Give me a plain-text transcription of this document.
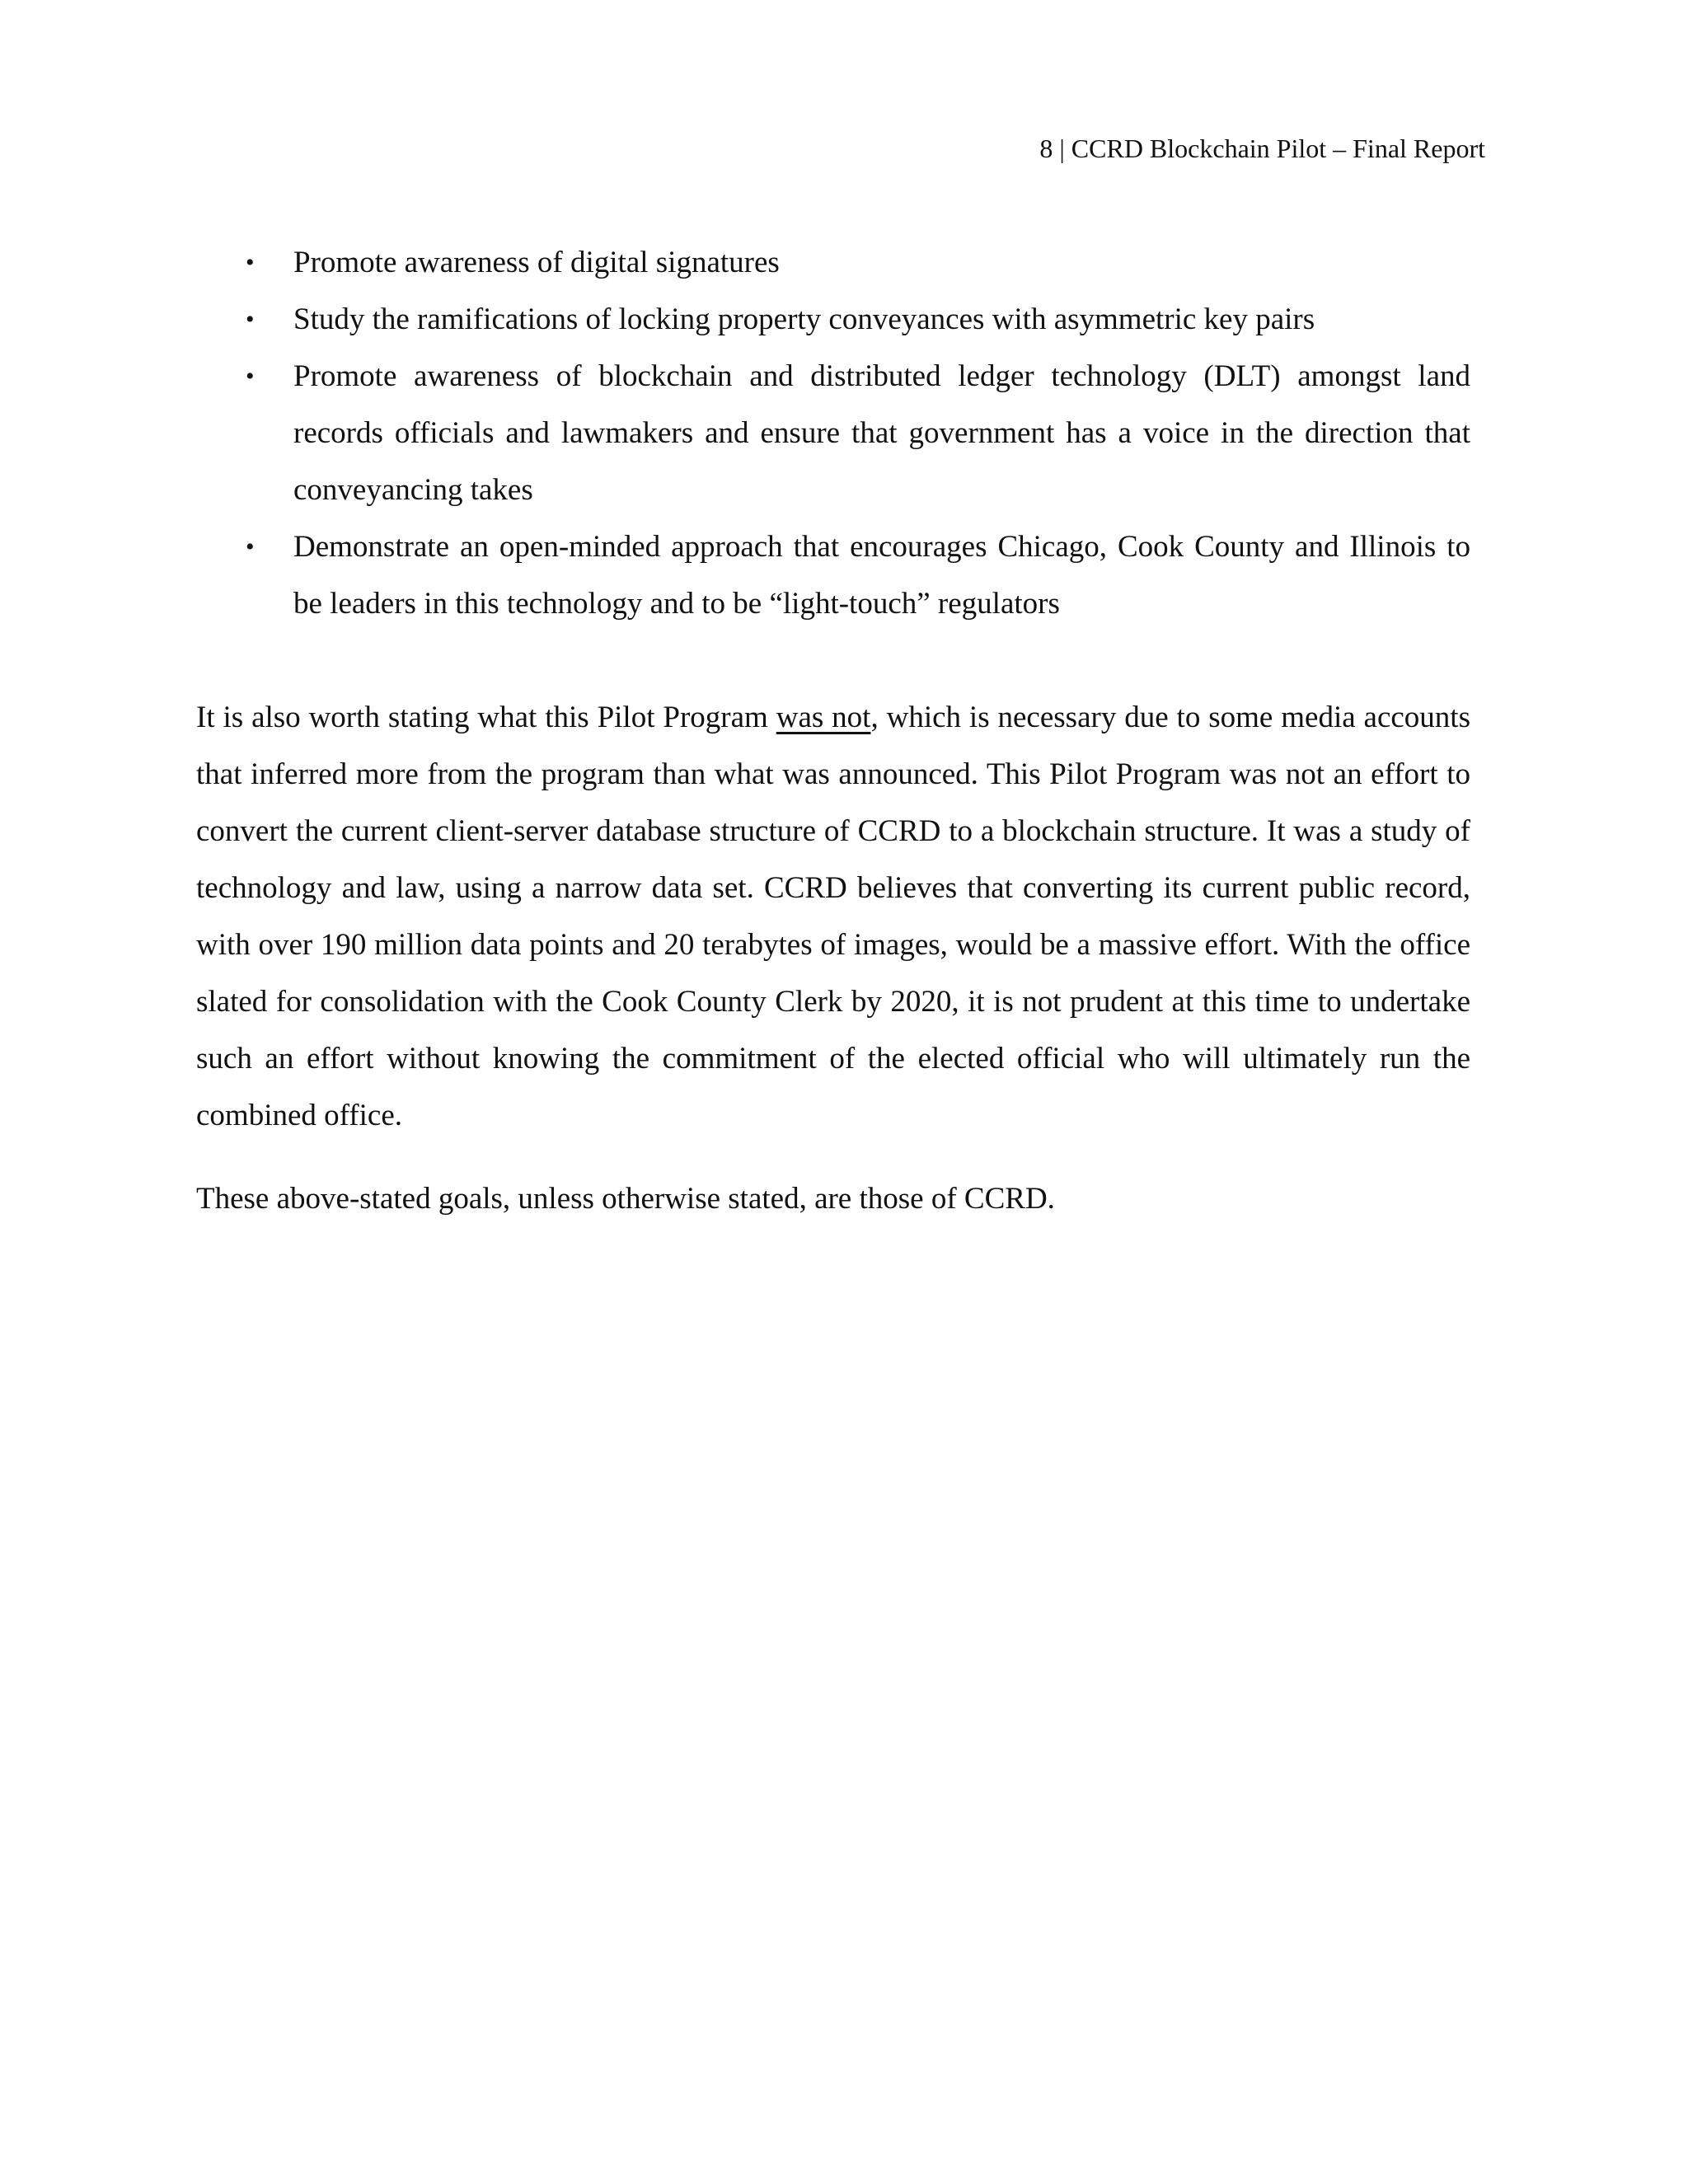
8 | CCRD Blockchain Pilot – Final Report
• Promote awareness of digital signatures
• Study the ramifications of locking property conveyances with asymmetric key pairs
• Promote awareness of blockchain and distributed ledger technology (DLT) amongst land records officials and lawmakers and ensure that government has a voice in the direction that conveyancing takes
• Demonstrate an open-minded approach that encourages Chicago, Cook County and Illinois to be leaders in this technology and to be “light-touch” regulators

It is also worth stating what this Pilot Program was not, which is necessary due to some media accounts that inferred more from the program than what was announced. This Pilot Program was not an effort to convert the current client-server database structure of CCRD to a blockchain structure. It was a study of technology and law, using a narrow data set. CCRD believes that converting its current public record, with over 190 million data points and 20 terabytes of images, would be a massive effort. With the office slated for consolidation with the Cook County Clerk by 2020, it is not prudent at this time to undertake such an effort without knowing the commitment of the elected official who will ultimately run the combined office.

These above-stated goals, unless otherwise stated, are those of CCRD.
